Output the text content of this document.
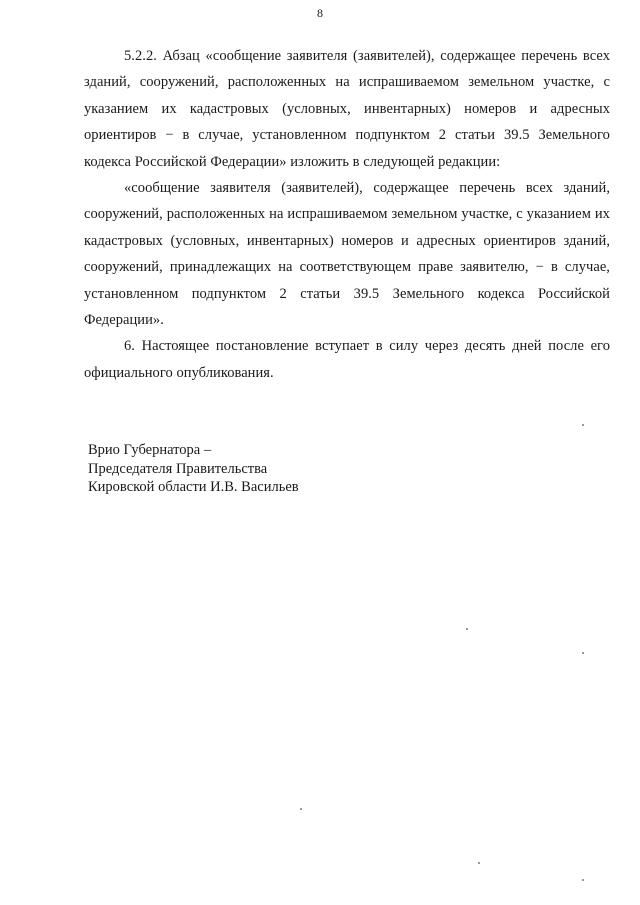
8

5.2.2. Абзац «сообщение заявителя (заявителей), содержащее перечень всех зданий, сооружений, расположенных на испрашиваемом земельном участке, с указанием их кадастровых (условных, инвентарных) номеров и адресных ориентиров − в случае, установленном подпунктом 2 статьи 39.5 Земельного кодекса Российской Федерации» изложить в следующей редакции:

«сообщение заявителя (заявителей), содержащее перечень всех зданий, сооружений, расположенных на испрашиваемом земельном участке, с указанием их кадастровых (условных, инвентарных) номеров и адресных ориентиров зданий, сооружений, принадлежащих на соответствующем праве заявителю, − в случае, установленном подпунктом 2 статьи 39.5 Земельного кодекса Российской Федерации».

6. Настоящее постановление вступает в силу через десять дней после его официального опубликования.

Врио Губернатора –
Председателя Правительства
Кировской области И.В. Васильев
